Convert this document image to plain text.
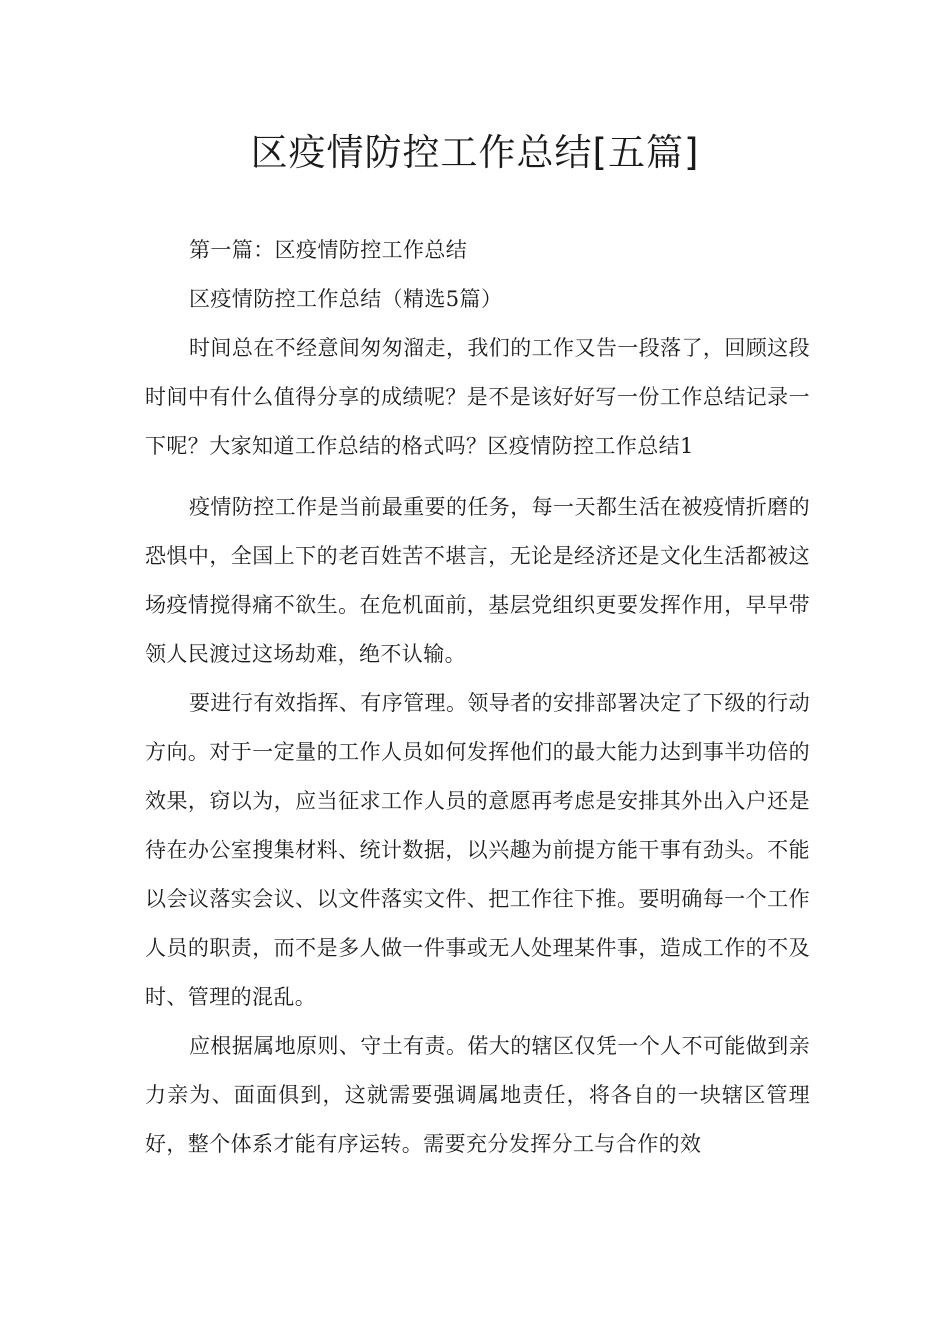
区疫情防控工作总结[五篇]

第一篇：区疫情防控工作总结

区疫情防控工作总结（精选5篇）

时间总在不经意间匆匆溜走，我们的工作又告一段落了，回顾这段时间中有什么值得分享的成绩呢？是不是该好好写一份工作总结记录一下呢？大家知道工作总结的格式吗？区疫情防控工作总结1

疫情防控工作是当前最重要的任务，每一天都生活在被疫情折磨的恐惧中，全国上下的老百姓苦不堪言，无论是经济还是文化生活都被这场疫情搅得痛不欲生。在危机面前，基层党组织更要发挥作用，早早带领人民渡过这场劫难，绝不认输。

要进行有效指挥、有序管理。领导者的安排部署决定了下级的行动方向。对于一定量的工作人员如何发挥他们的最大能力达到事半功倍的效果，窃以为，应当征求工作人员的意愿再考虑是安排其外出入户还是待在办公室搜集材料、统计数据，以兴趣为前提方能干事有劲头。不能以会议落实会议、以文件落实文件、把工作往下推。要明确每一个工作人员的职责，而不是多人做一件事或无人处理某件事，造成工作的不及时、管理的混乱。

应根据属地原则、守土有责。偌大的辖区仅凭一个人不可能做到亲力亲为、面面俱到，这就需要强调属地责任，将各自的一块辖区管理好，整个体系才能有序运转。需要充分发挥分工与合作的效
